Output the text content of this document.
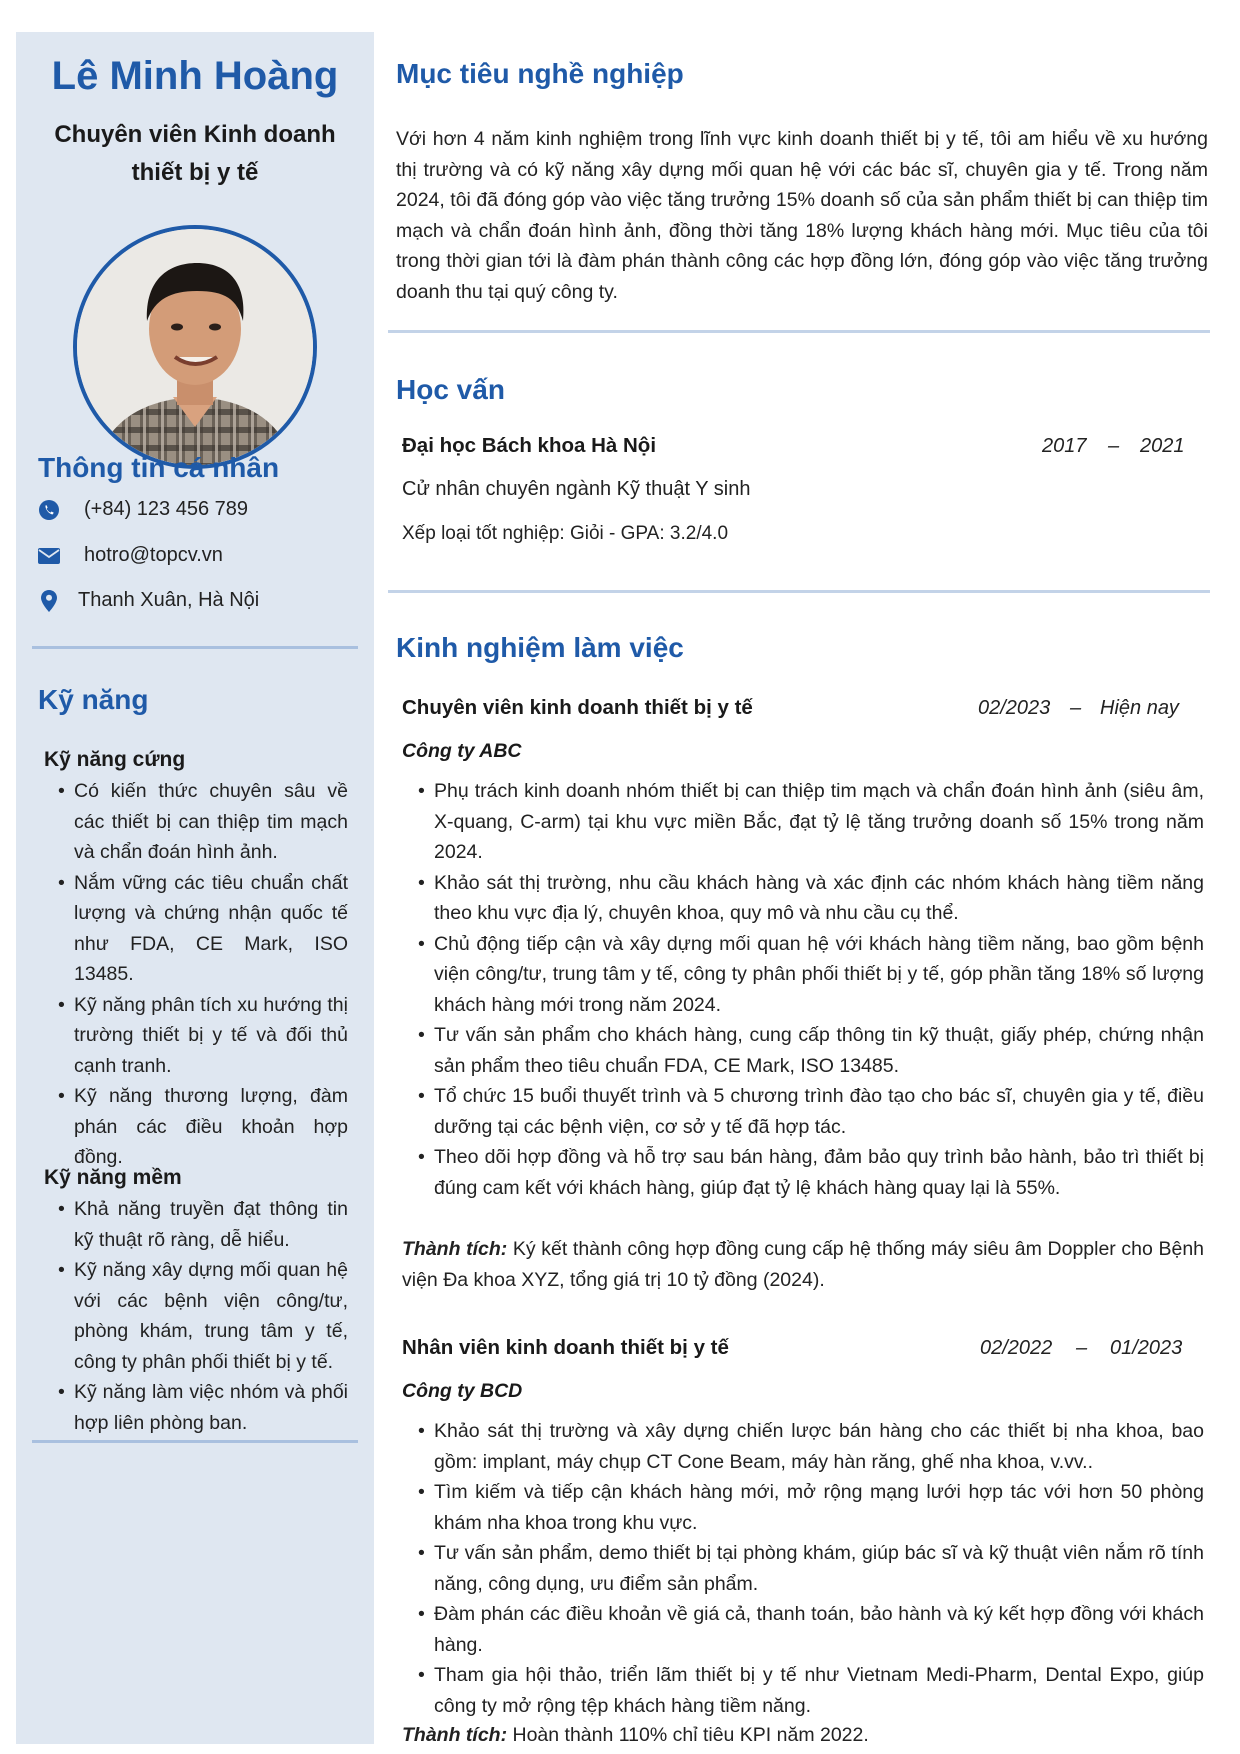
Lê Minh Hoàng
Chuyên viên Kinh doanh thiết bị y tế
Thông tin cá nhân
(+84) 123 456 789
hotro@topcv.vn
Thanh Xuân, Hà Nội
Kỹ năng
Kỹ năng cứng
• Có kiến thức chuyên sâu về các thiết bị can thiệp tim mạch và chẩn đoán hình ảnh.
• Nắm vững các tiêu chuẩn chất lượng và chứng nhận quốc tế như FDA, CE Mark, ISO 13485.
• Kỹ năng phân tích xu hướng thị trường thiết bị y tế và đối thủ cạnh tranh.
• Kỹ năng thương lượng, đàm phán các điều khoản hợp đồng.
Kỹ năng mềm
• Khả năng truyền đạt thông tin kỹ thuật rõ ràng, dễ hiểu.
• Kỹ năng xây dựng mối quan hệ với các bệnh viện công/tư, phòng khám, trung tâm y tế, công ty phân phối thiết bị y tế.
• Kỹ năng làm việc nhóm và phối hợp liên phòng ban.
Mục tiêu nghề nghiệp
Với hơn 4 năm kinh nghiệm trong lĩnh vực kinh doanh thiết bị y tế, tôi am hiểu về xu hướng thị trường và có kỹ năng xây dựng mối quan hệ với các bác sĩ, chuyên gia y tế. Trong năm 2024, tôi đã đóng góp vào việc tăng trưởng 15% doanh số của sản phẩm thiết bị can thiệp tim mạch và chẩn đoán hình ảnh, đồng thời tăng 18% lượng khách hàng mới. Mục tiêu của tôi trong thời gian tới là đàm phán thành công các hợp đồng lớn, đóng góp vào việc tăng trưởng doanh thu tại quý công ty.
Học vấn
Đại học Bách khoa Hà Nội	2017 – 2021
Cử nhân chuyên ngành Kỹ thuật Y sinh
Xếp loại tốt nghiệp: Giỏi - GPA: 3.2/4.0
Kinh nghiệm làm việc
Chuyên viên kinh doanh thiết bị y tế	02/2023 – Hiện nay
Công ty ABC
• Phụ trách kinh doanh nhóm thiết bị can thiệp tim mạch và chẩn đoán hình ảnh (siêu âm, X-quang, C-arm) tại khu vực miền Bắc, đạt tỷ lệ tăng trưởng doanh số 15% trong năm 2024.
• Khảo sát thị trường, nhu cầu khách hàng và xác định các nhóm khách hàng tiềm năng theo khu vực địa lý, chuyên khoa, quy mô và nhu cầu cụ thể.
• Chủ động tiếp cận và xây dựng mối quan hệ với khách hàng tiềm năng, bao gồm bệnh viện công/tư, trung tâm y tế, công ty phân phối thiết bị y tế, góp phần tăng 18% số lượng khách hàng mới trong năm 2024.
• Tư vấn sản phẩm cho khách hàng, cung cấp thông tin kỹ thuật, giấy phép, chứng nhận sản phẩm theo tiêu chuẩn FDA, CE Mark, ISO 13485.
• Tổ chức 15 buổi thuyết trình và 5 chương trình đào tạo cho bác sĩ, chuyên gia y tế, điều dưỡng tại các bệnh viện, cơ sở y tế đã hợp tác.
• Theo dõi hợp đồng và hỗ trợ sau bán hàng, đảm bảo quy trình bảo hành, bảo trì thiết bị đúng cam kết với khách hàng, giúp đạt tỷ lệ khách hàng quay lại là 55%.
Thành tích: Ký kết thành công hợp đồng cung cấp hệ thống máy siêu âm Doppler cho Bệnh viện Đa khoa XYZ, tổng giá trị 10 tỷ đồng (2024).
Nhân viên kinh doanh thiết bị y tế	02/2022 – 01/2023
Công ty BCD
• Khảo sát thị trường và xây dựng chiến lược bán hàng cho các thiết bị nha khoa, bao gồm: implant, máy chụp CT Cone Beam, máy hàn răng, ghế nha khoa, v.vv..
• Tìm kiếm và tiếp cận khách hàng mới, mở rộng mạng lưới hợp tác với hơn 50 phòng khám nha khoa trong khu vực.
• Tư vấn sản phẩm, demo thiết bị tại phòng khám, giúp bác sĩ và kỹ thuật viên nắm rõ tính năng, công dụng, ưu điểm sản phẩm.
• Đàm phán các điều khoản về giá cả, thanh toán, bảo hành và ký kết hợp đồng với khách hàng.
• Tham gia hội thảo, triển lãm thiết bị y tế như Vietnam Medi-Pharm, Dental Expo, giúp công ty mở rộng tệp khách hàng tiềm năng.
Thành tích: Hoàn thành 110% chỉ tiêu KPI năm 2022.
